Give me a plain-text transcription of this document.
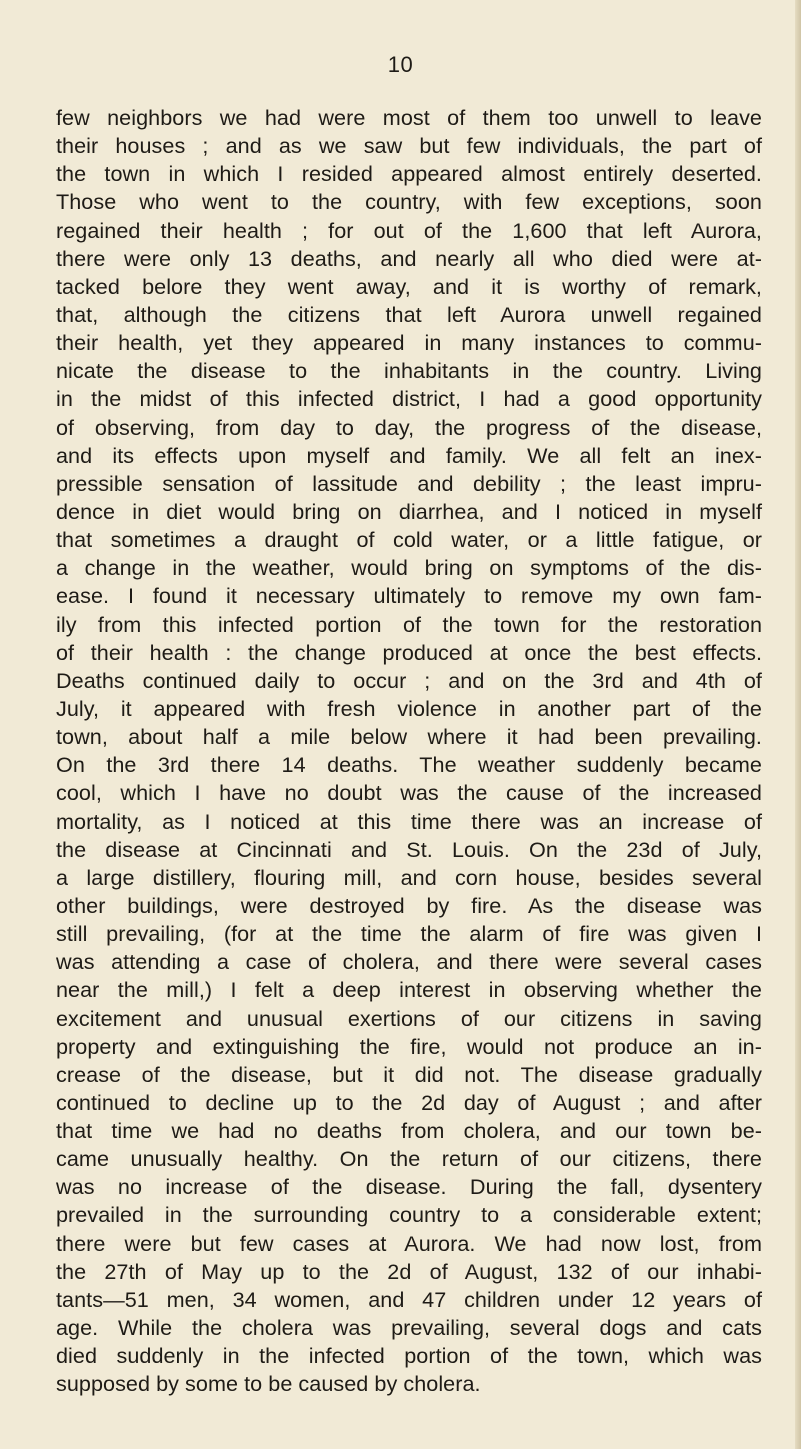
10
few neighbors we had were most of them too unwell to leave
their houses ; and as we saw but few individuals, the part of
the town in which I resided appeared almost entirely deserted.
Those who went to the country, with few exceptions, soon
regained their health ; for out of the 1,600 that left Aurora,
there were only 13 deaths, and nearly all who died were at-
tacked belore they went away, and it is worthy of remark,
that, although the citizens that left Aurora unwell regained
their health, yet they appeared in many instances to commu-
nicate the disease to the inhabitants in the country. Living
in the midst of this infected district, I had a good opportunity
of observing, from day to day, the progress of the disease,
and its effects upon myself and family. We all felt an inex-
pressible sensation of lassitude and debility ; the least impru-
dence in diet would bring on diarrhea, and I noticed in myself
that sometimes a draught of cold water, or a little fatigue, or
a change in the weather, would bring on symptoms of the dis-
ease. I found it necessary ultimately to remove my own fam-
ily from this infected portion of the town for the restoration
of their health : the change produced at once the best effects.
Deaths continued daily to occur ; and on the 3rd and 4th of
July, it appeared with fresh violence in another part of the
town, about half a mile below where it had been prevailing.
On the 3rd there 14 deaths. The weather suddenly became
cool, which I have no doubt was the cause of the increased
mortality, as I noticed at this time there was an increase of
the disease at Cincinnati and St. Louis. On the 23d of July,
a large distillery, flouring mill, and corn house, besides several
other buildings, were destroyed by fire. As the disease was
still prevailing, (for at the time the alarm of fire was given I
was attending a case of cholera, and there were several cases
near the mill,) I felt a deep interest in observing whether the
excitement and unusual exertions of our citizens in saving
property and extinguishing the fire, would not produce an in-
crease of the disease, but it did not. The disease gradually
continued to decline up to the 2d day of August ; and after
that time we had no deaths from cholera, and our town be-
came unusually healthy. On the return of our citizens, there
was no increase of the disease. During the fall, dysentery
prevailed in the surrounding country to a considerable extent;
there were but few cases at Aurora. We had now lost, from
the 27th of May up to the 2d of August, 132 of our inhabi-
tants—51 men, 34 women, and 47 children under 12 years of
age. While the cholera was prevailing, several dogs and cats
died suddenly in the infected portion of the town, which was
supposed by some to be caused by cholera.
